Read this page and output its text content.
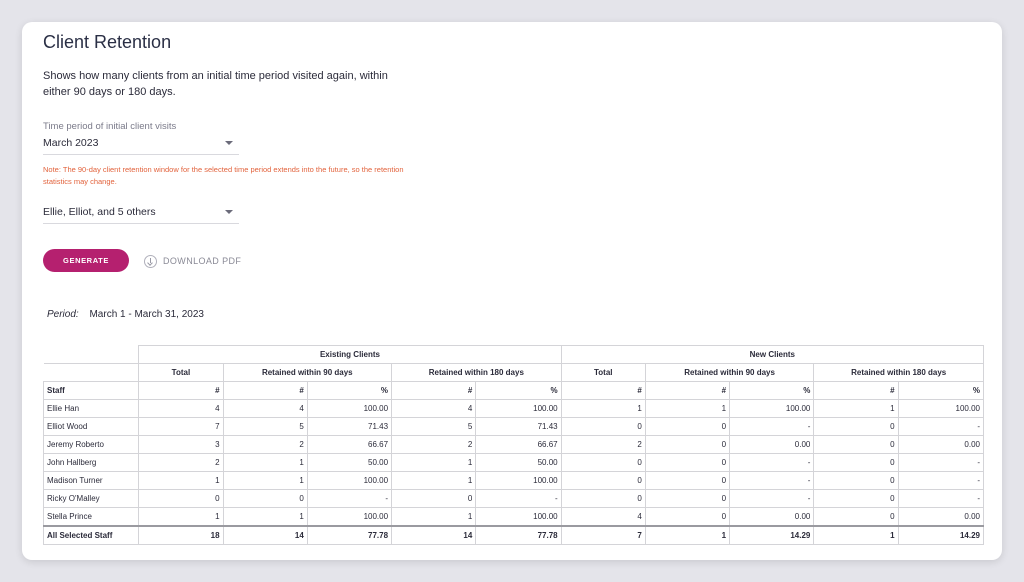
Client Retention
Shows how many clients from an initial time period visited again, within either 90 days or 180 days.
Time period of initial client visits
March 2023
Note: The 90-day client retention window for the selected time period extends into the future, so the retention statistics may change.
Ellie, Elliot, and 5 others
GENERATE	DOWNLOAD PDF
Period: March 1 - March 31, 2023
	Existing Clients					New Clients				
	Total	Retained within 90 days		Retained within 180 days		Total	Retained within 90 days		Retained within 180 days	
Staff	#	#	%	#	%	#	#	%	#	%
Ellie Han	4	4	100.00	4	100.00	1	1	100.00	1	100.00
Elliot Wood	7	5	71.43	5	71.43	0	0	-	0	-
Jeremy Roberto	3	2	66.67	2	66.67	2	0	0.00	0	0.00
John Hallberg	2	1	50.00	1	50.00	0	0	-	0	-
Madison Turner	1	1	100.00	1	100.00	0	0	-	0	-
Ricky O'Malley	0	0	-	0	-	0	0	-	0	-
Stella Prince	1	1	100.00	1	100.00	4	0	0.00	0	0.00
All Selected Staff	18	14	77.78	14	77.78	7	1	14.29	1	14.29
